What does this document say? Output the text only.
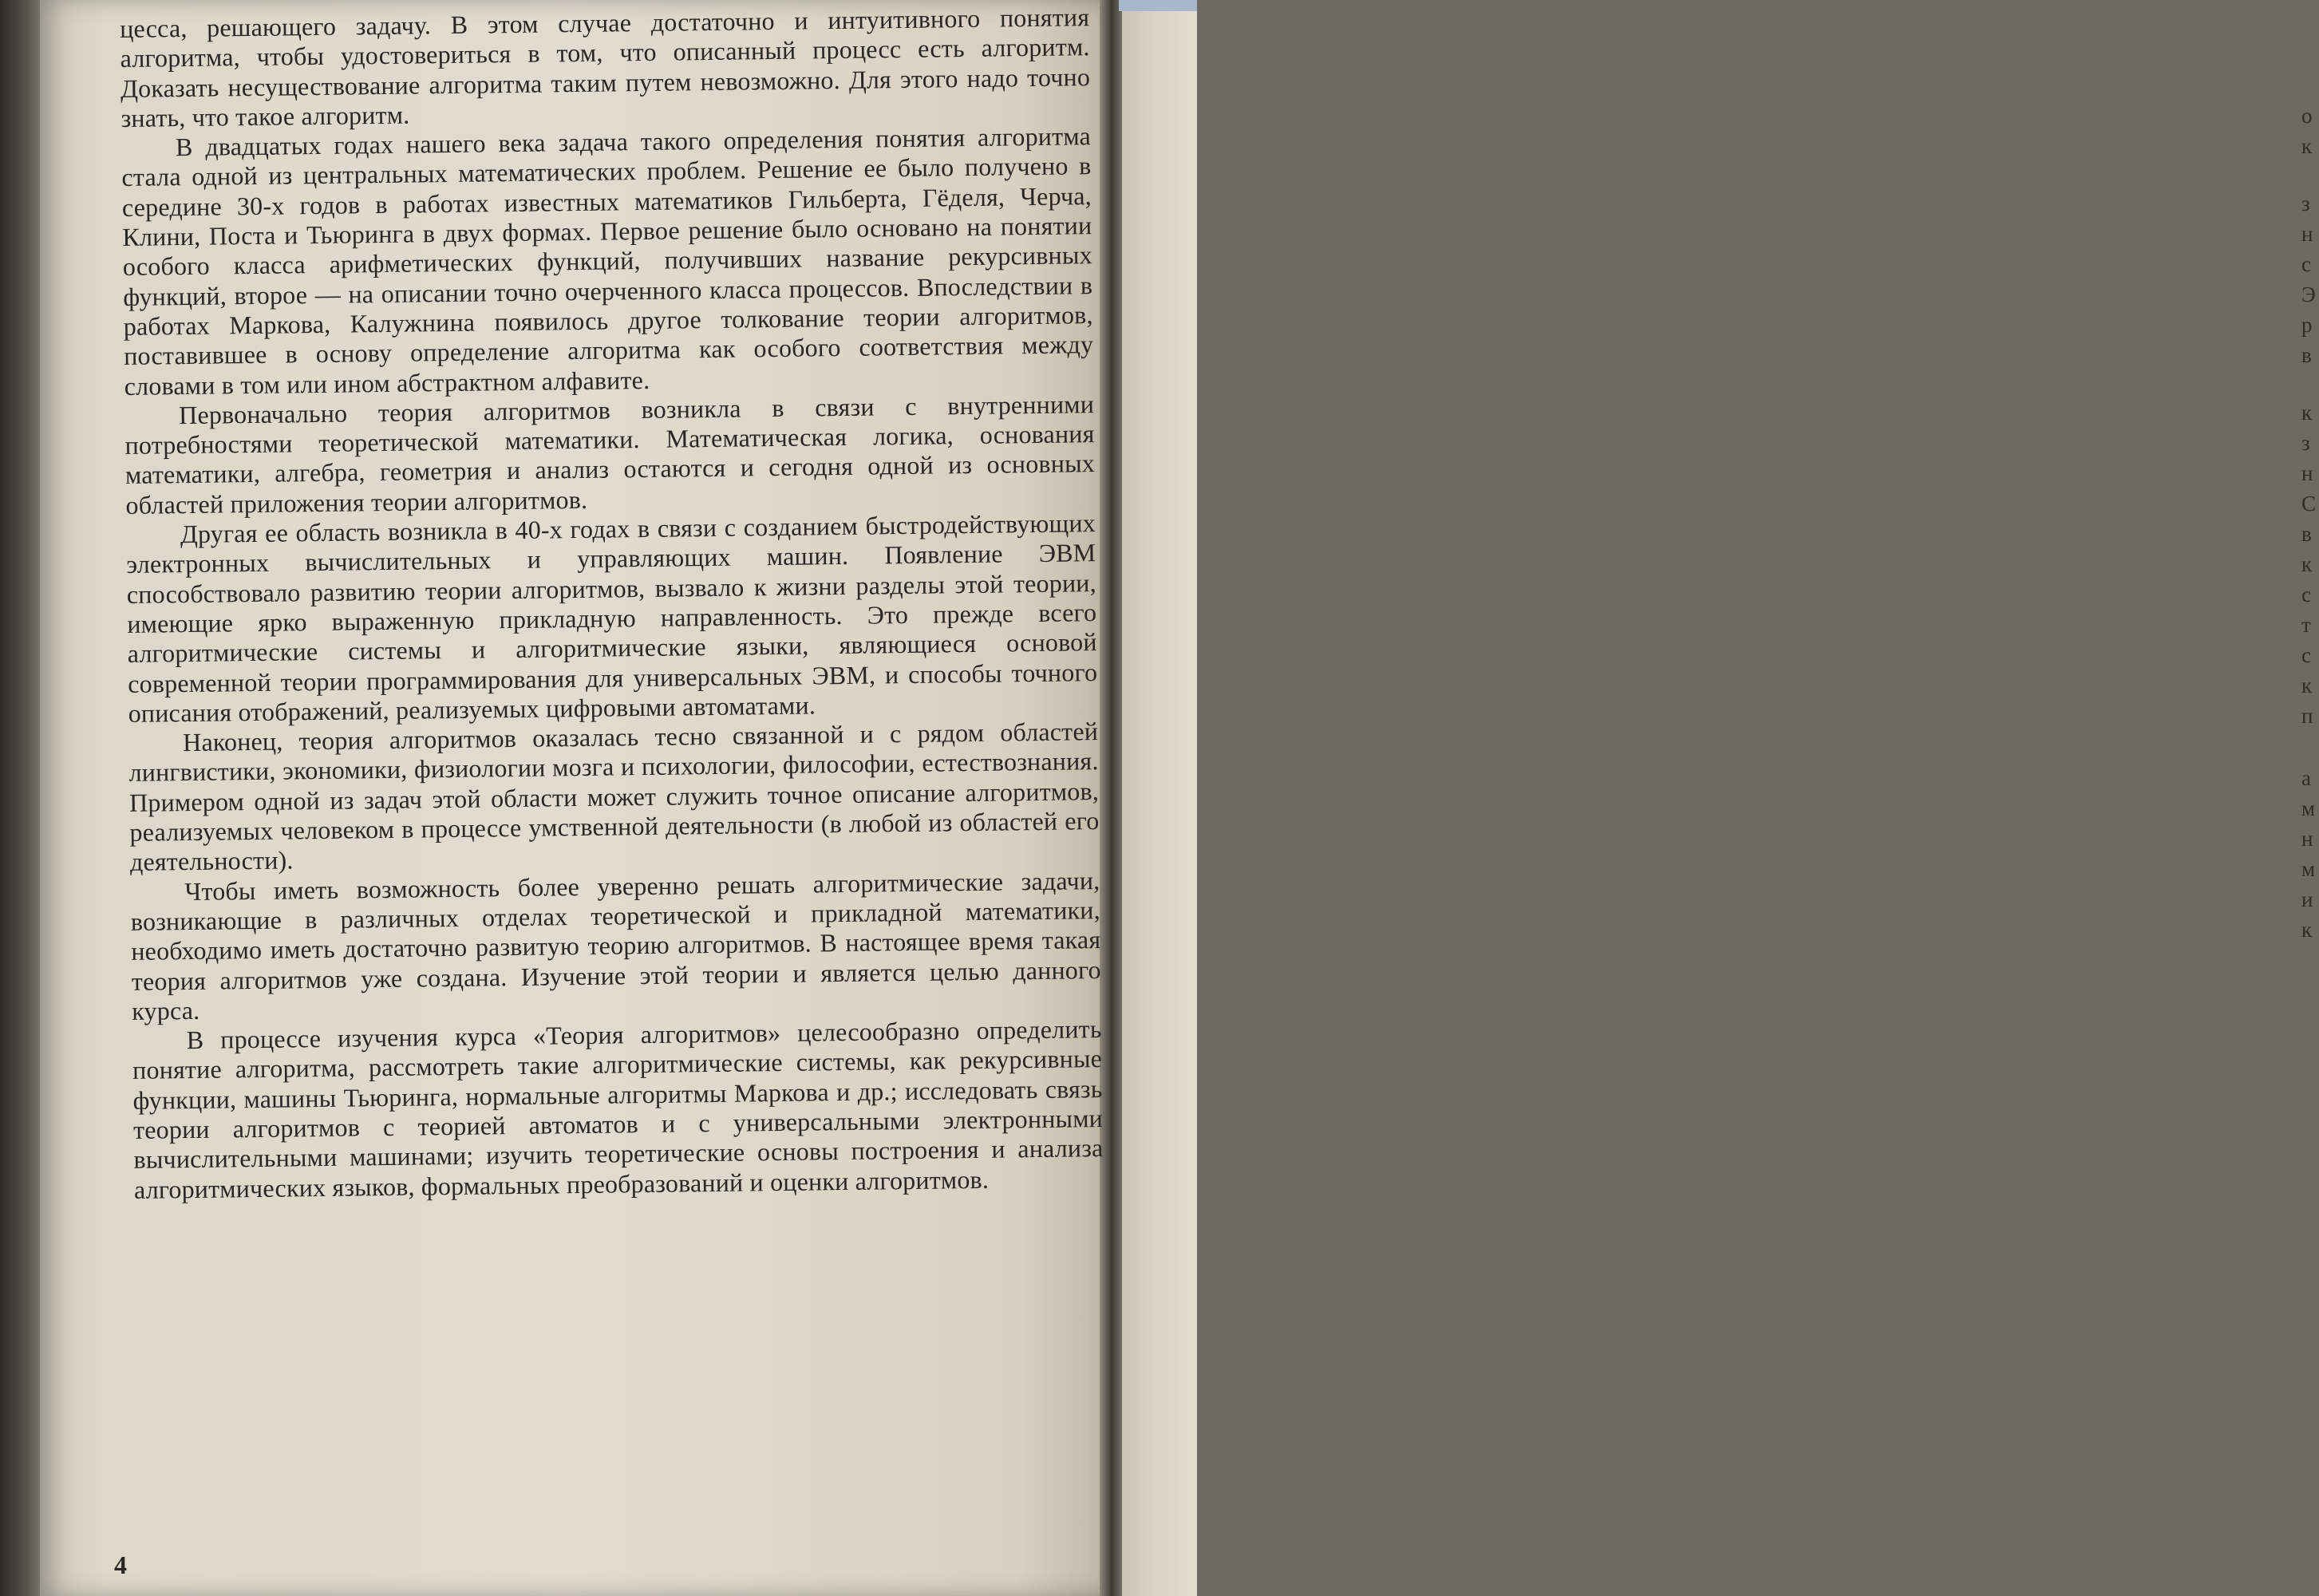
о
к
з
н
с
Э
р
в
к
з
н
С
в
к
с
т
с
к
п
а
м
н
м
и
к

цесса, решающего задачу. В этом случае достаточно и интуитивного понятия алгоритма, чтобы удостовериться в том, что описанный процесс есть алгоритм. Доказать несуществование алгоритма таким путем невозможно. Для этого надо точно знать, что такое алгоритм.

В двадцатых годах нашего века задача такого определения понятия алгоритма стала одной из центральных математических проблем. Решение ее было получено в середине 30-х годов в работах известных математиков Гильберта, Гёделя, Черча, Клини, Поста и Тьюринга в двух формах. Первое решение было основано на понятии особого класса арифметических функций, получивших название рекурсивных функций, второе — на описании точно очерченного класса процессов. Впоследствии в работах Маркова, Калужнина появилось другое толкование теории алгоритмов, поставившее в основу определение алгоритма как особого соответствия между словами в том или ином абстрактном алфавите.

Первоначально теория алгоритмов возникла в связи с внутренними потребностями теоретической математики. Математическая логика, основания математики, алгебра, геометрия и анализ остаются и сегодня одной из основных областей приложения теории алгоритмов.

Другая ее область возникла в 40-х годах в связи с созданием быстродействующих электронных вычислительных и управляющих машин. Появление ЭВМ способствовало развитию теории алгоритмов, вызвало к жизни разделы этой теории, имеющие ярко выраженную прикладную направленность. Это прежде всего алгоритмические системы и алгоритмические языки, являющиеся основой современной теории программирования для универсальных ЭВМ, и способы точного описания отображений, реализуемых цифровыми автоматами.

Наконец, теория алгоритмов оказалась тесно связанной и с рядом областей лингвистики, экономики, физиологии мозга и психологии, философии, естествознания. Примером одной из задач этой области может служить точное описание алгоритмов, реализуемых человеком в процессе умственной деятельности (в любой из областей его деятельности).

Чтобы иметь возможность более уверенно решать алгоритмические задачи, возникающие в различных отделах теоретической и прикладной математики, необходимо иметь достаточно развитую теорию алгоритмов. В настоящее время такая теория алгоритмов уже создана. Изучение этой теории и является целью данного курса.

В процессе изучения курса «Теория алгоритмов» целесообразно определить понятие алгоритма, рассмотреть такие алгоритмические системы, как рекурсивные функции, машины Тьюринга, нормальные алгоритмы Маркова и др.; исследовать связь теории алгоритмов с теорией автоматов и с универсальными электронными вычислительными машинами; изучить теоретические основы построения и анализа алгоритмических языков, формальных преобразований и оценки алгоритмов.

4
